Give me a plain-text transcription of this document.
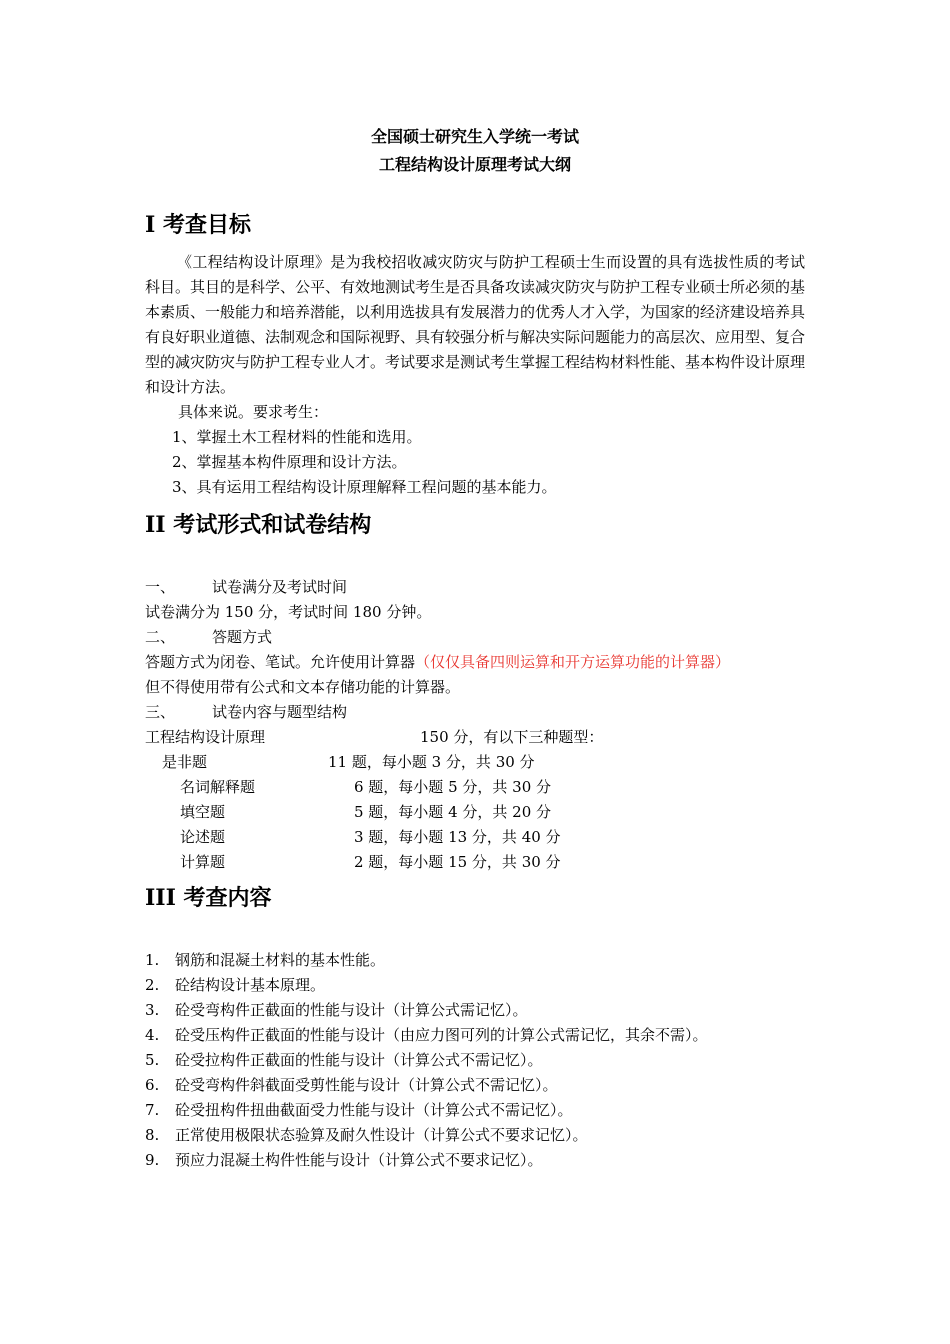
全国硕士研究生入学统一考试
工程结构设计原理考试大纲
I 考查目标
《工程结构设计原理》是为我校招收减灾防灾与防护工程硕士生而设置的具有选拔性质的考试科目。其目的是科学、公平、有效地测试考生是否具备攻读减灾防灾与防护工程专业硕士所必须的基本素质、一般能力和培养潜能，以利用选拔具有发展潜力的优秀人才入学，为国家的经济建设培养具有良好职业道德、法制观念和国际视野、具有较强分析与解决实际问题能力的高层次、应用型、复合型的减灾防灾与防护工程专业人才。考试要求是测试考生掌握工程结构材料性能、基本构件设计原理和设计方法。
具体来说。要求考生：
1、掌握土木工程材料的性能和选用。
2、掌握基本构件原理和设计方法。
3、具有运用工程结构设计原理解释工程问题的基本能力。
II 考试形式和试卷结构
一、 试卷满分及考试时间
试卷满分为 150 分，考试时间 180 分钟。
二、 答题方式
答题方式为闭卷、笔试。允许使用计算器（仅仅具备四则运算和开方运算功能的计算器）
但不得使用带有公式和文本存储功能的计算器。
三、 试卷内容与题型结构
工程结构设计原理	150 分，有以下三种题型：
是非题	11 题，每小题 3 分，共 30 分
名词解释题	6 题，每小题 5 分，共 30 分
填空题	5 题，每小题 4 分，共 20 分
论述题	3 题，每小题 13 分，共 40 分
计算题	2 题，每小题 15 分，共 30 分
III 考查内容
1. 钢筋和混凝土材料的基本性能。
2. 砼结构设计基本原理。
3. 砼受弯构件正截面的性能与设计（计算公式需记忆）。
4. 砼受压构件正截面的性能与设计（由应力图可列的计算公式需记忆，其余不需）。
5. 砼受拉构件正截面的性能与设计（计算公式不需记忆）。
6. 砼受弯构件斜截面受剪性能与设计（计算公式不需记忆）。
7. 砼受扭构件扭曲截面受力性能与设计（计算公式不需记忆）。
8. 正常使用极限状态验算及耐久性设计（计算公式不要求记忆）。
9. 预应力混凝土构件性能与设计（计算公式不要求记忆）。
